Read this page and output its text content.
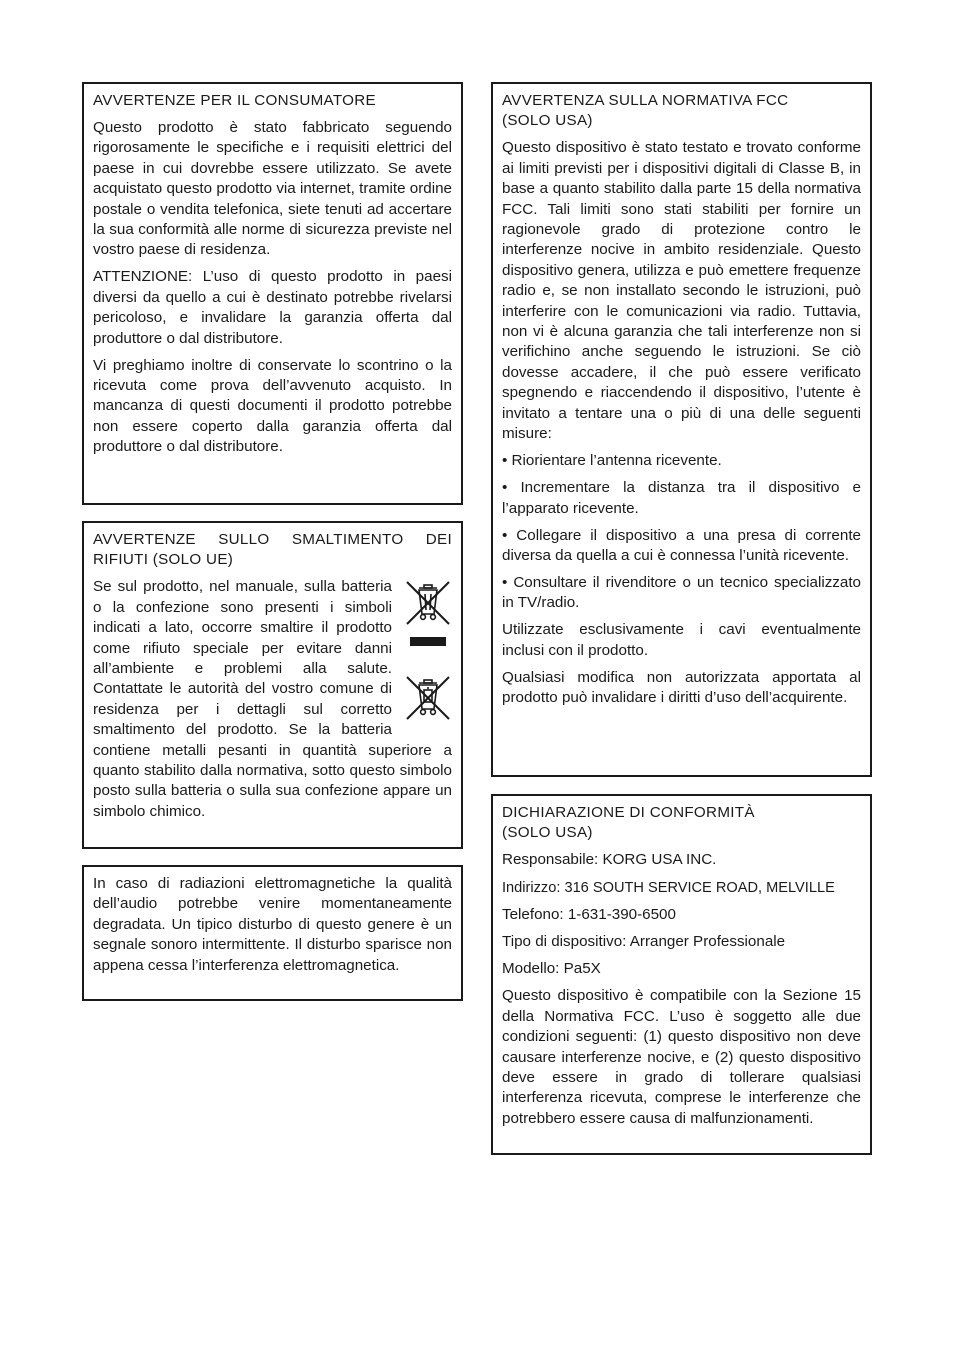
AVVERTENZE PER IL CONSUMATORE

Questo prodotto è stato fabbricato seguendo rigorosamente le specifiche e i requisiti elettrici del paese in cui dovrebbe essere utilizzato. Se avete acquistato questo prodotto via internet, tramite ordine postale o vendita telefonica, siete tenuti ad accertare la sua conformità alle norme di sicurezza previste nel vostro paese di residenza.

ATTENZIONE: L’uso di questo prodotto in paesi diversi da quello a cui è destinato potrebbe rivelarsi pericoloso, e invalidare la garanzia offerta dal produttore o dal distributore.

Vi preghiamo inoltre di conservate lo scontrino o la ricevuta come prova dell’avvenuto acquisto. In mancanza di questi documenti il prodotto potrebbe non essere coperto dalla garanzia offerta dal produttore o dal distributore.

AVVERTENZE SULLO SMALTIMENTO DEI RIFIUTI (SOLO UE)

Se sul prodotto, nel manuale, sulla batteria o la confezione sono presenti i simboli indicati a lato, occorre smaltire il prodotto come rifiuto speciale per evitare danni all’ambiente e problemi alla salute. Contattate le autorità del vostro comune di residenza per i dettagli sul corretto smaltimento del prodotto. Se la batteria contiene metalli pesanti in quantità superiore a quanto stabilito dalla normativa, sotto questo simbolo posto sulla batteria o sulla sua confezione appare un simbolo chimico.

In caso di radiazioni elettromagnetiche la qualità dell’audio potrebbe venire momentaneamente degradata. Un tipico disturbo di questo genere è un segnale sonoro intermittente. Il disturbo sparisce non appena cessa l’interferenza elettromagnetica.

AVVERTENZA SULLA NORMATIVA FCC
(SOLO USA)

Questo dispositivo è stato testato e trovato conforme ai limiti previsti per i dispositivi digitali di Classe B, in base a quanto stabilito dalla parte 15 della normativa FCC. Tali limiti sono stati stabiliti per fornire un ragionevole grado di protezione contro le interferenze nocive in ambito residenziale. Questo dispositivo genera, utilizza e può emettere frequenze radio e, se non installato secondo le istruzioni, può interferire con le comunicazioni via radio. Tuttavia, non vi è alcuna garanzia che tali interferenze non si verifichino anche seguendo le istruzioni. Se ciò dovesse accadere, il che può essere verificato spegnendo e riaccendendo il dispositivo, l’utente è invitato a tentare una o più di una delle seguenti misure:

• Riorientare l’antenna ricevente.

• Incrementare la distanza tra il dispositivo e l’apparato ricevente.

• Collegare il dispositivo a una presa di corrente diversa da quella a cui è connessa l’unità ricevente.

• Consultare il rivenditore o un tecnico specializzato in TV/radio.

Utilizzate esclusivamente i cavi eventualmente inclusi con il prodotto.

Qualsiasi modifica non autorizzata apportata al prodotto può invalidare i diritti d’uso dell’acquirente.

DICHIARAZIONE DI CONFORMITÀ
(SOLO USA)

Responsabile: KORG USA INC.

Indirizzo: 316 SOUTH SERVICE ROAD, MELVILLE

Telefono: 1-631-390-6500

Tipo di dispositivo: Arranger Professionale

Modello: Pa5X

Questo dispositivo è compatibile con la Sezione 15 della Normativa FCC. L’uso è soggetto alle due condizioni seguenti: (1) questo dispositivo non deve causare interferenze nocive, e (2) questo dispositivo deve essere in grado di tollerare qualsiasi interferenza ricevuta, comprese le interferenze che potrebbero essere causa di malfunzionamenti.
